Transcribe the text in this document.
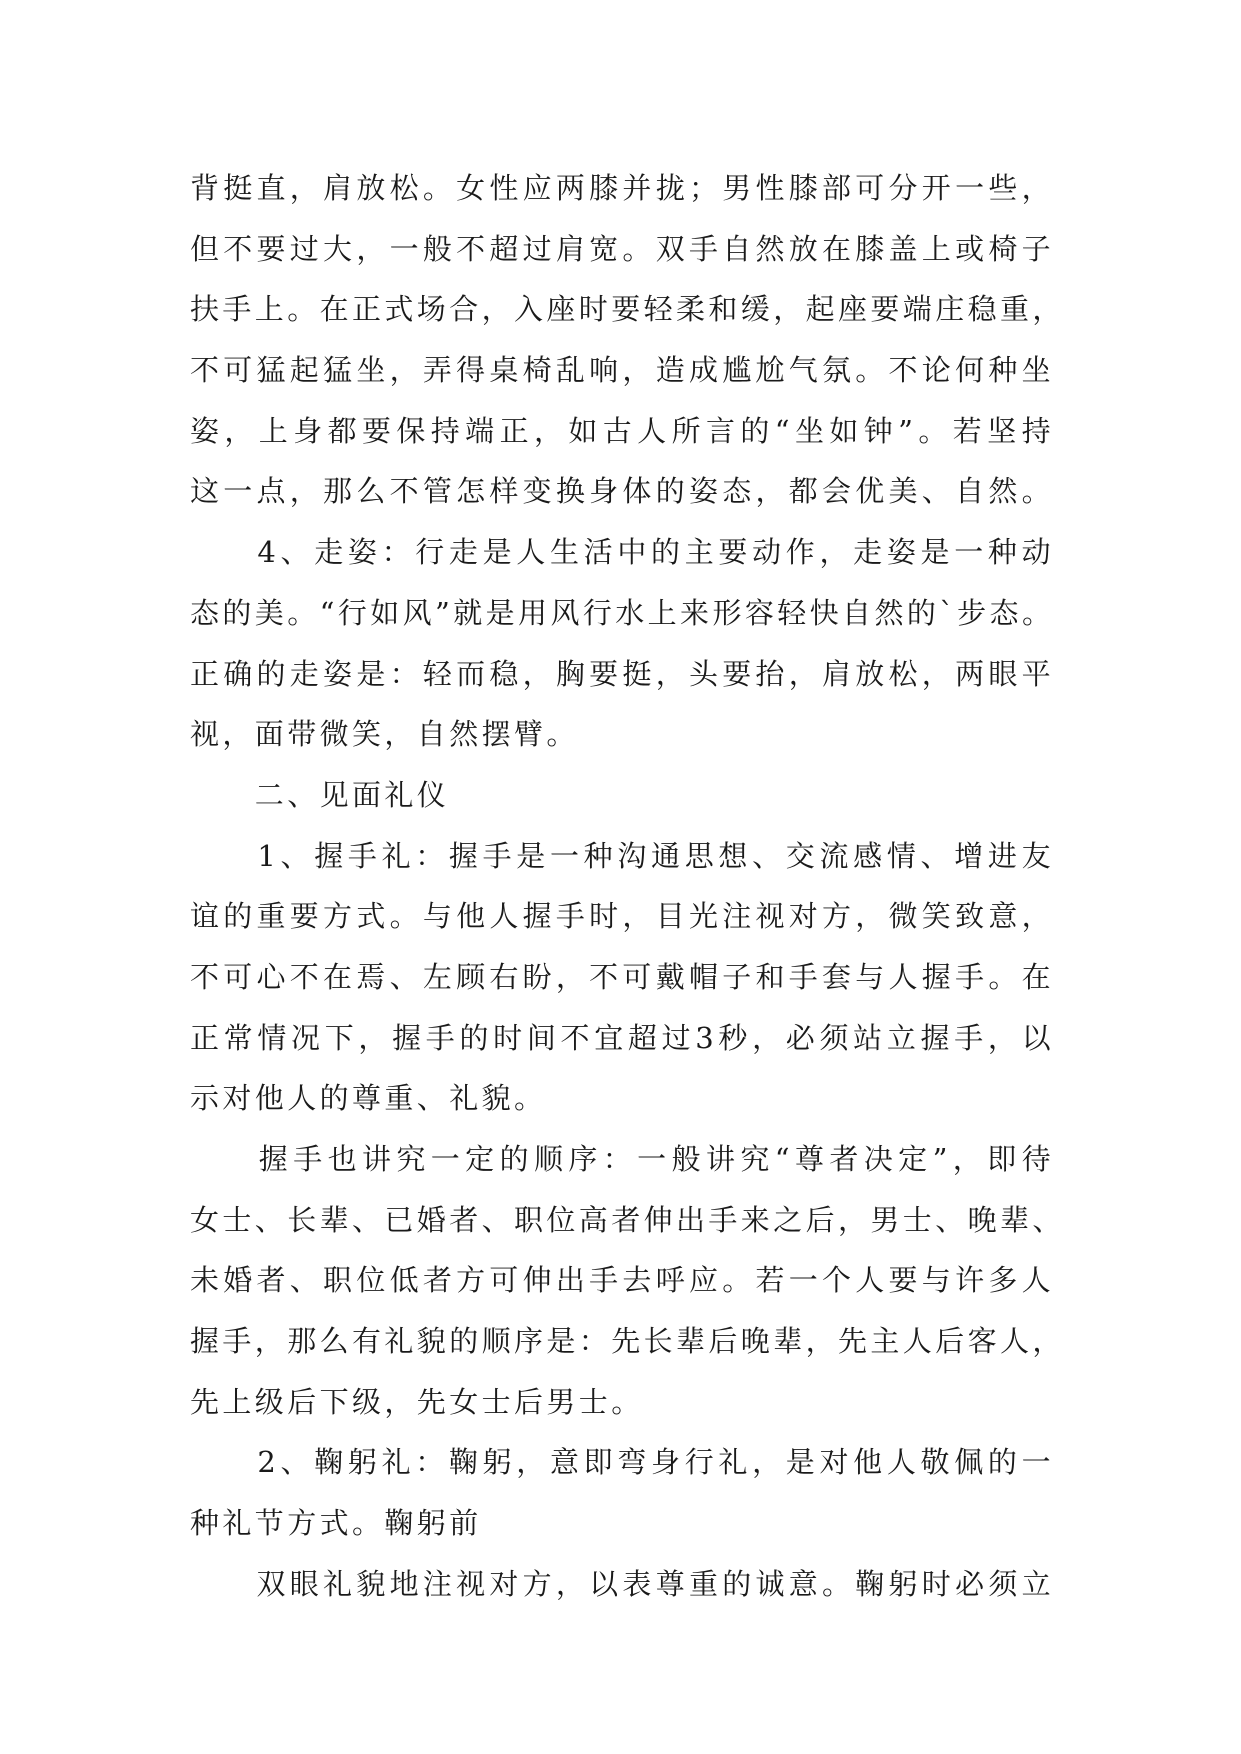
背挺直，肩放松。女性应两膝并拢；男性膝部可分开一些，
但不要过大，一般不超过肩宽。双手自然放在膝盖上或椅子
扶手上。在正式场合，入座时要轻柔和缓，起座要端庄稳重，
不可猛起猛坐，弄得桌椅乱响，造成尴尬气氛。不论何种坐
姿，上身都要保持端正，如古人所言的“坐如钟”。若坚持
这一点，那么不管怎样变换身体的姿态，都会优美、自然。
　　4、走姿：行走是人生活中的主要动作，走姿是一种动
态的美。“行如风”就是用风行水上来形容轻快自然的`步态。
正确的走姿是：轻而稳，胸要挺，头要抬，肩放松，两眼平
视，面带微笑，自然摆臂。
　　二、见面礼仪
　　1、握手礼：握手是一种沟通思想、交流感情、增进友
谊的重要方式。与他人握手时，目光注视对方，微笑致意，
不可心不在焉、左顾右盼，不可戴帽子和手套与人握手。在
正常情况下，握手的时间不宜超过3秒，必须站立握手，以
示对他人的尊重、礼貌。
　　握手也讲究一定的顺序：一般讲究“尊者决定”，即待
女士、长辈、已婚者、职位高者伸出手来之后，男士、晚辈、
未婚者、职位低者方可伸出手去呼应。若一个人要与许多人
握手，那么有礼貌的顺序是：先长辈后晚辈，先主人后客人，
先上级后下级，先女士后男士。
　　2、鞠躬礼：鞠躬，意即弯身行礼，是对他人敬佩的一
种礼节方式。鞠躬前
　　双眼礼貌地注视对方，以表尊重的诚意。鞠躬时必须立
